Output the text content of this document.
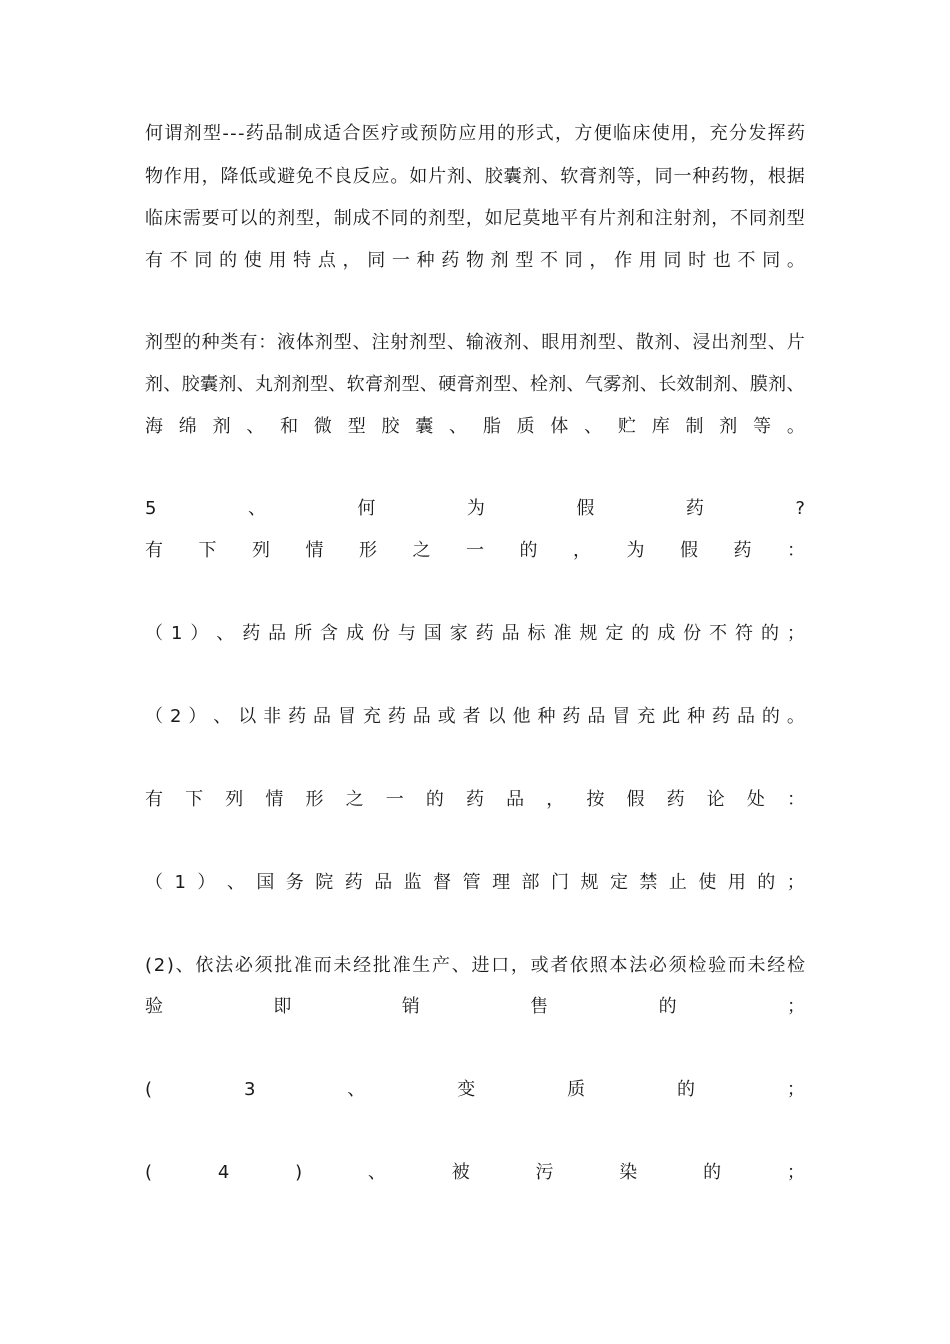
何 谓 剂 型 - - - 药 品 制 成 适 合 医 疗 或 预 防 应 用 的 形 式 ， 方 便 临 床 使 用 ， 充 分 发 挥 药
物 作 用 ， 降 低 或 避 免 不 良 反 应 。 如 片 剂 、 胶 囊 剂 、 软 膏 剂 等 ， 同 一 种 药 物 ， 根 据
临 床 需 要 可 以 的 剂 型 ， 制 成 不 同 的 剂 型 ， 如 尼 莫 地 平 有 片 剂 和 注 射 剂 ， 不 同 剂 型
有 不 同 的 使 用 特 点 ， 同 一 种 药 物 剂 型 不 同 ， 作 用 同 时 也 不 同 。
剂 型 的 种 类 有 ： 液 体 剂 型 、 注 射 剂 型 、 输 液 剂 、 眼 用 剂 型 、 散 剂 、 浸 出 剂 型 、 片
剂 、 胶 囊 剂 、 丸 剂 剂 型 、 软 膏 剂 型 、 硬 膏 剂 型 、 栓 剂 、 气 雾 剂 、 长 效 制 剂 、 膜 剂 、
海 绵 剂 、 和 微 型 胶 囊 、 脂 质 体 、 贮 库 制 剂 等 。
5	、	何	为	假	药	?
有 下 列 情 形 之 一 的 ， 为 假 药 ：
（ 1 ） 、 药 品 所 含 成 份 与 国 家 药 品 标 准 规 定 的 成 份 不 符 的 ；
（ 2 ） 、 以 非 药 品 冒 充 药 品 或 者 以 他 种 药 品 冒 充 此 种 药 品 的 。
有 下 列 情 形 之 一 的 药 品 ， 按 假 药 论 处 ：
（ 1 ） 、 国 务 院 药 品 监 督 管 理 部 门 规 定 禁 止 使 用 的 ；
( 2 ) 、 依 法 必 须 批 准 而 未 经 批 准 生 产 、 进 口 ， 或 者 依 照 本 法 必 须 检 验 而 未 经 检
验	即	销	售	的	；
(	3	、	变	质	的	；
(	4	)	、	被	污	染	的	；
